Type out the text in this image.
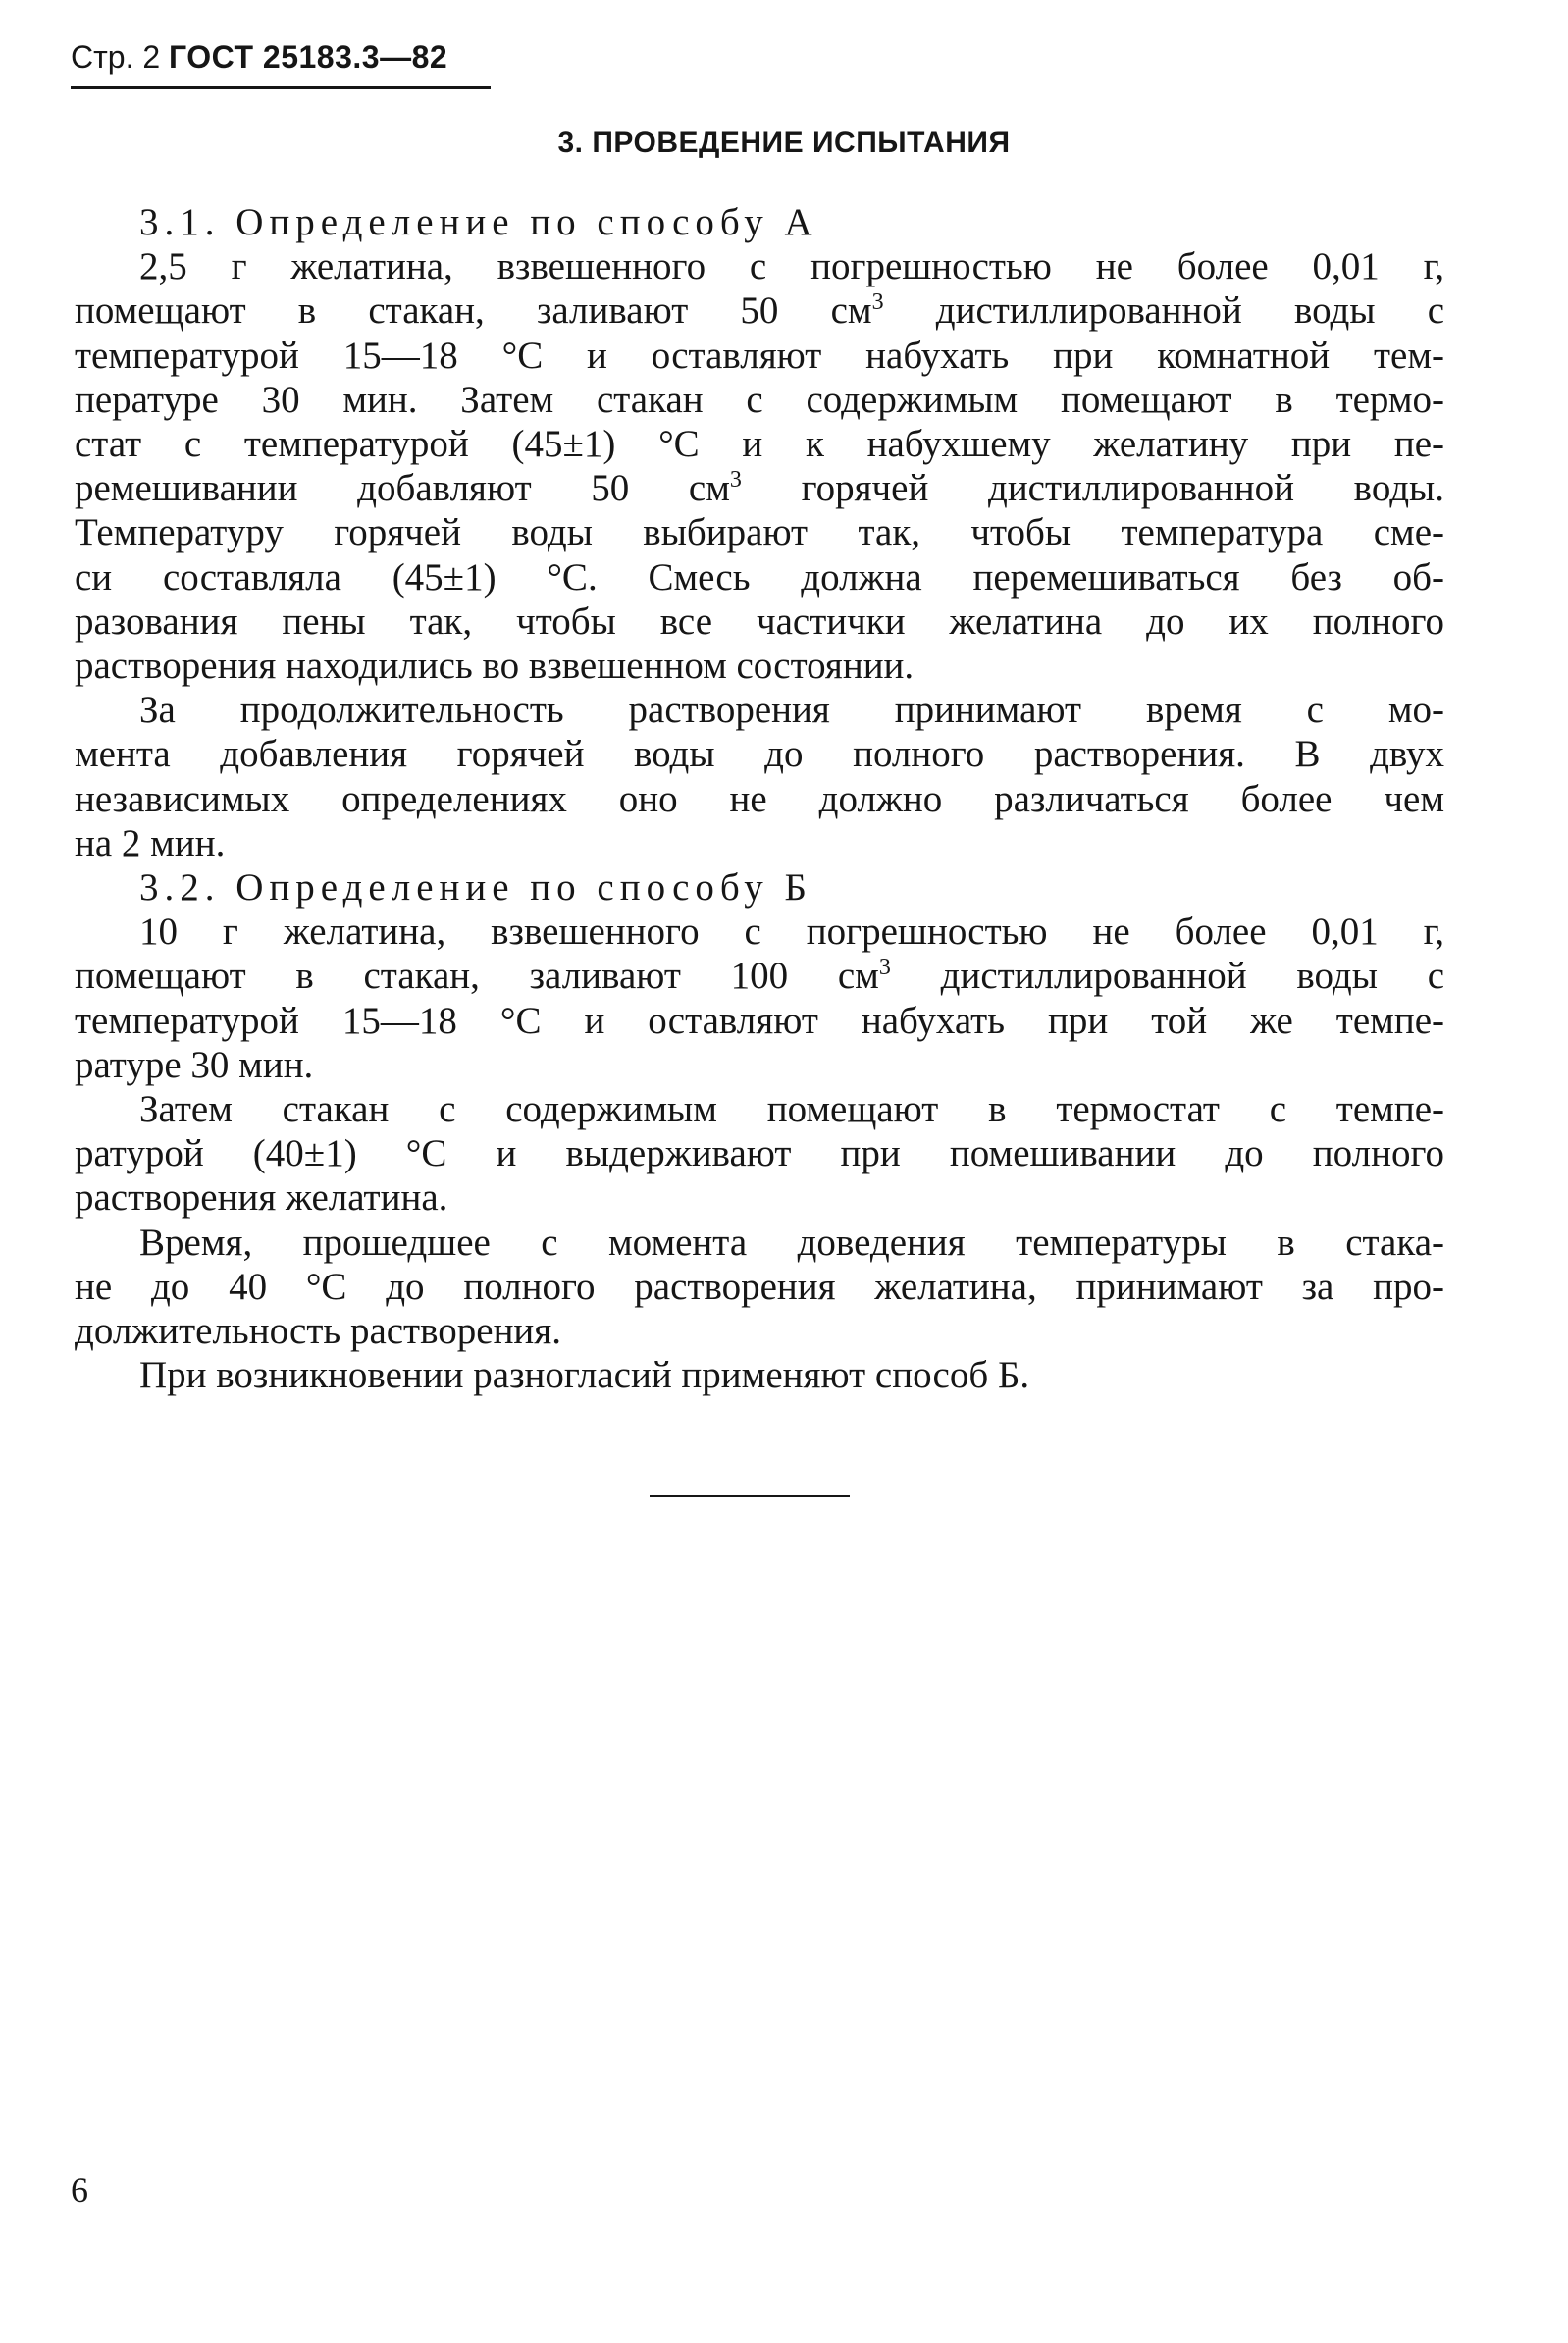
Стр. 2 ГОСТ 25183.3—82
3. ПРОВЕДЕНИЕ ИСПЫТАНИЯ

3.1. Определение по способу А

2,5 г желатина, взвешенного с погрешностью не более 0,01 г,
помещают в стакан, заливают 50 $см^3$ дистиллированной воды с
температурой 15—18 °С и оставляют набухать при комнатной тем-
пературе 30 мин. Затем стакан с содержимым помещают в термо-
стат с температурой (45±1) °С и к набухшему желатину при пе-
ремешивании добавляют 50 $см^3$ горячей дистиллированной воды.
Температуру горячей воды выбирают так, чтобы температура сме-
си составляла (45±1) °С. Смесь должна перемешиваться без об-
разования пены так, чтобы все частички желатина до их полного
растворения находились во взвешенном состоянии.

За продолжительность растворения принимают время с мо-
мента добавления горячей воды до полного растворения. В двух
независимых определениях оно не должно различаться более чем
на 2 мин.

3.2. Определение по способу Б

10 г желатина, взвешенного с погрешностью не более 0,01 г,
помещают в стакан, заливают 100 $см^3$ дистиллированной воды с
температурой 15—18 °С и оставляют набухать при той же темпе-
ратуре 30 мин.

Затем стакан с содержимым помещают в термостат с темпе-
ратурой (40±1) °С и выдерживают при помешивании до полного
растворения желатина.

Время, прошедшее с момента доведения температуры в стака-
не до 40 °С до полного растворения желатина, принимают за про-
должительность растворения.

При возникновении разногласий применяют способ Б.

6
